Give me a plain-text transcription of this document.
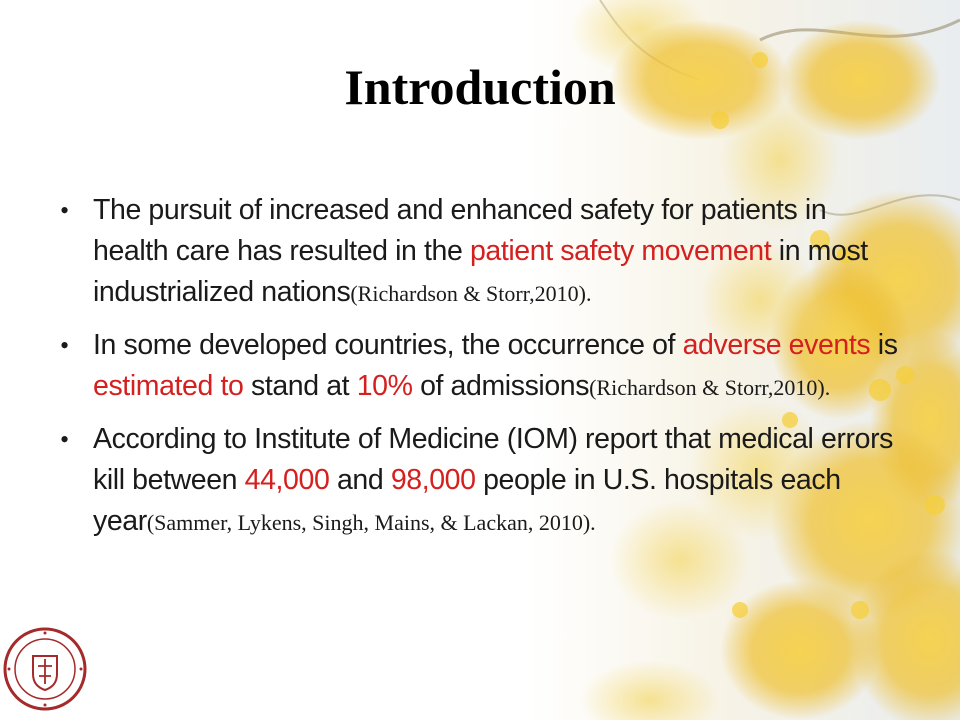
Introduction
• The pursuit of increased and enhanced safety for patients in health care has resulted in the patient safety movement in most industrialized nations(Richardson & Storr,2010).
• In some developed countries, the occurrence of adverse events is estimated to stand at 10% of admissions(Richardson & Storr,2010).
• According to Institute of Medicine (IOM) report that medical errors kill between 44,000 and 98,000 people in U.S. hospitals each year(Sammer, Lykens, Singh, Mains, & Lackan, 2010).
